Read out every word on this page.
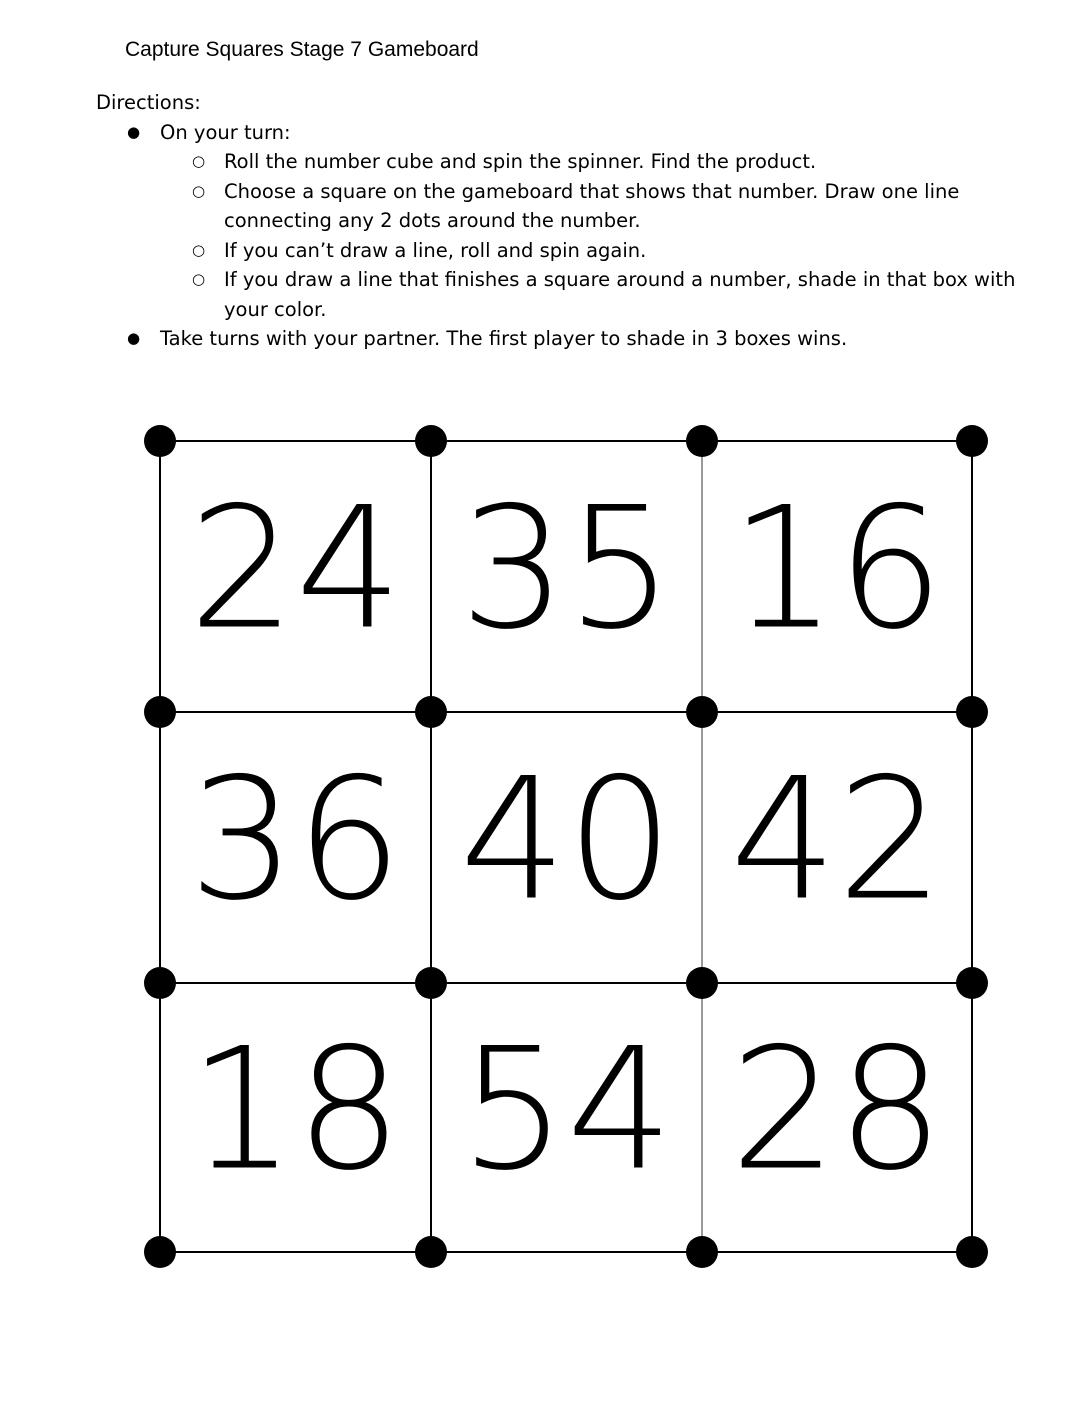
Capture Squares Stage 7 Gameboard

Directions:

● On your turn:
○ Roll the number cube and spin the spinner. Find the product.
○ Choose a square on the gameboard that shows that number. Draw one line connecting any 2 dots around the number.
○ If you can’t draw a line, roll and spin again.
○ If you draw a line that finishes a square around a number, shade in that box with your color.
● Take turns with your partner. The first player to shade in 3 boxes wins.
24 35 16
36 40 42
18 54 28
